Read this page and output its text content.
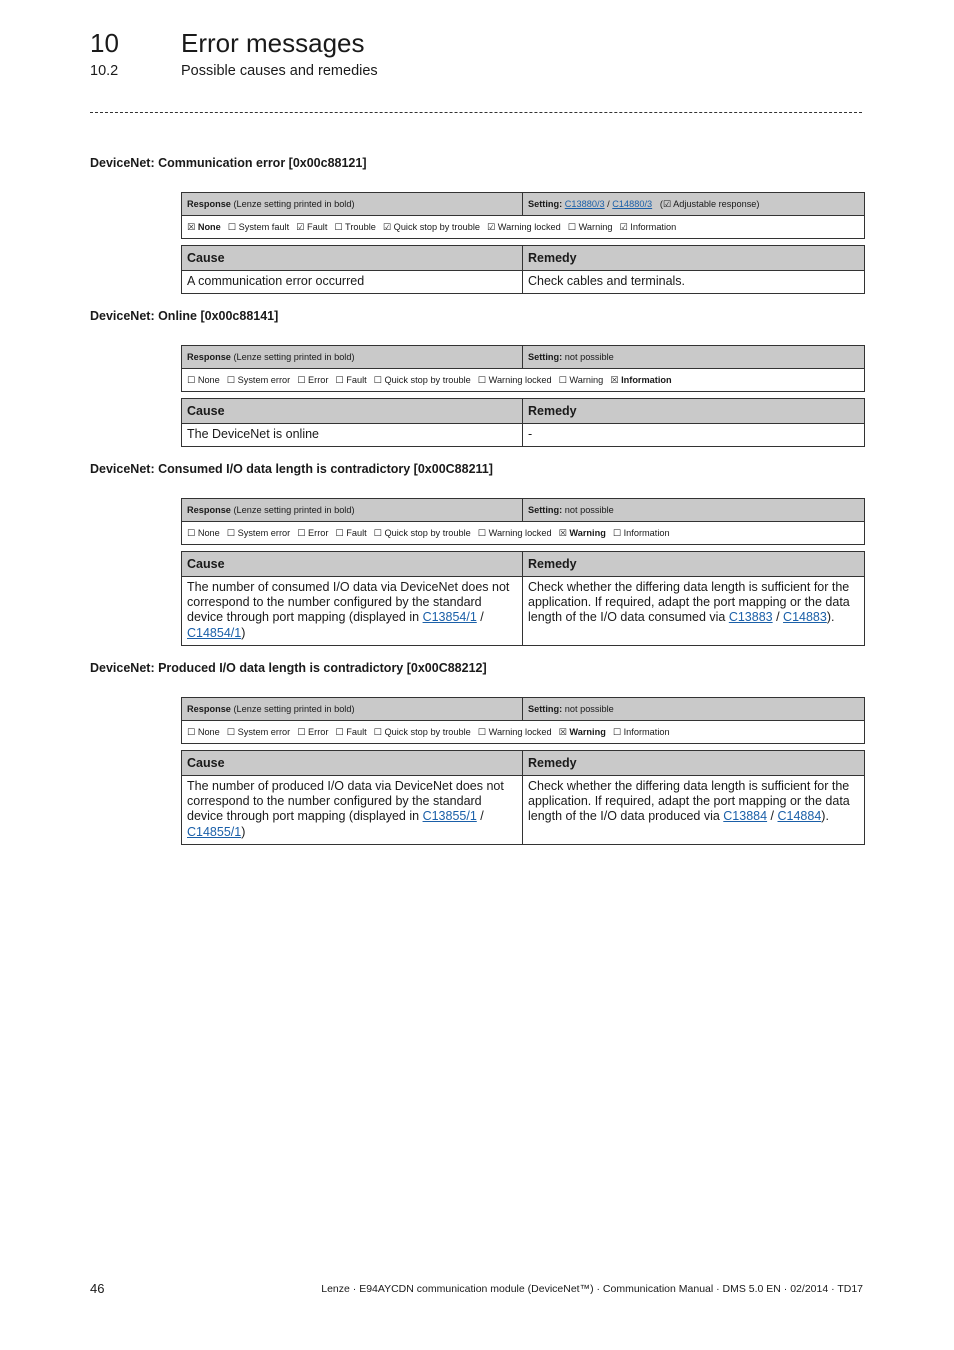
10 Error messages
10.2	Possible causes and remedies
DeviceNet: Communication error [0x00c88121]
Response (Lenze setting printed in bold)	Setting: C13880/3 / C14880/3 (☑ Adjustable response)
☒ None ☐ System fault ☑ Fault ☐ Trouble ☑ Quick stop by trouble ☑ Warning locked ☐ Warning ☑ Information
Cause	Remedy
A communication error occurred	Check cables and terminals.
DeviceNet: Online [0x00c88141]
Response (Lenze setting printed in bold)	Setting: not possible
☐ None ☐ System error ☐ Error ☐ Fault ☐ Quick stop by trouble ☐ Warning locked ☐ Warning ☒ Information
Cause	Remedy
The DeviceNet is online	-
DeviceNet: Consumed I/O data length is contradictory [0x00C88211]
Response (Lenze setting printed in bold)	Setting: not possible
☐ None ☐ System error ☐ Error ☐ Fault ☐ Quick stop by trouble ☐ Warning locked ☒ Warning ☐ Information
Cause	Remedy
The number of consumed I/O data via DeviceNet does not correspond to the number configured by the standard device through port mapping (displayed in C13854/1 / C14854/1)	Check whether the differing data length is sufficient for the application. If required, adapt the port mapping or the data length of the I/O data consumed via C13883 / C14883).
DeviceNet: Produced I/O data length is contradictory [0x00C88212]
Response (Lenze setting printed in bold)	Setting: not possible
☐ None ☐ System error ☐ Error ☐ Fault ☐ Quick stop by trouble ☐ Warning locked ☒ Warning ☐ Information
Cause	Remedy
The number of produced I/O data via DeviceNet does not correspond to the number configured by the standard device through port mapping (displayed in C13855/1 / C14855/1)	Check whether the differing data length is sufficient for the application. If required, adapt the port mapping or the data length of the I/O data produced via C13884 / C14884).
46	Lenze · E94AYCDN communication module (DeviceNet™) · Communication Manual · DMS 5.0 EN · 02/2014 · TD17
